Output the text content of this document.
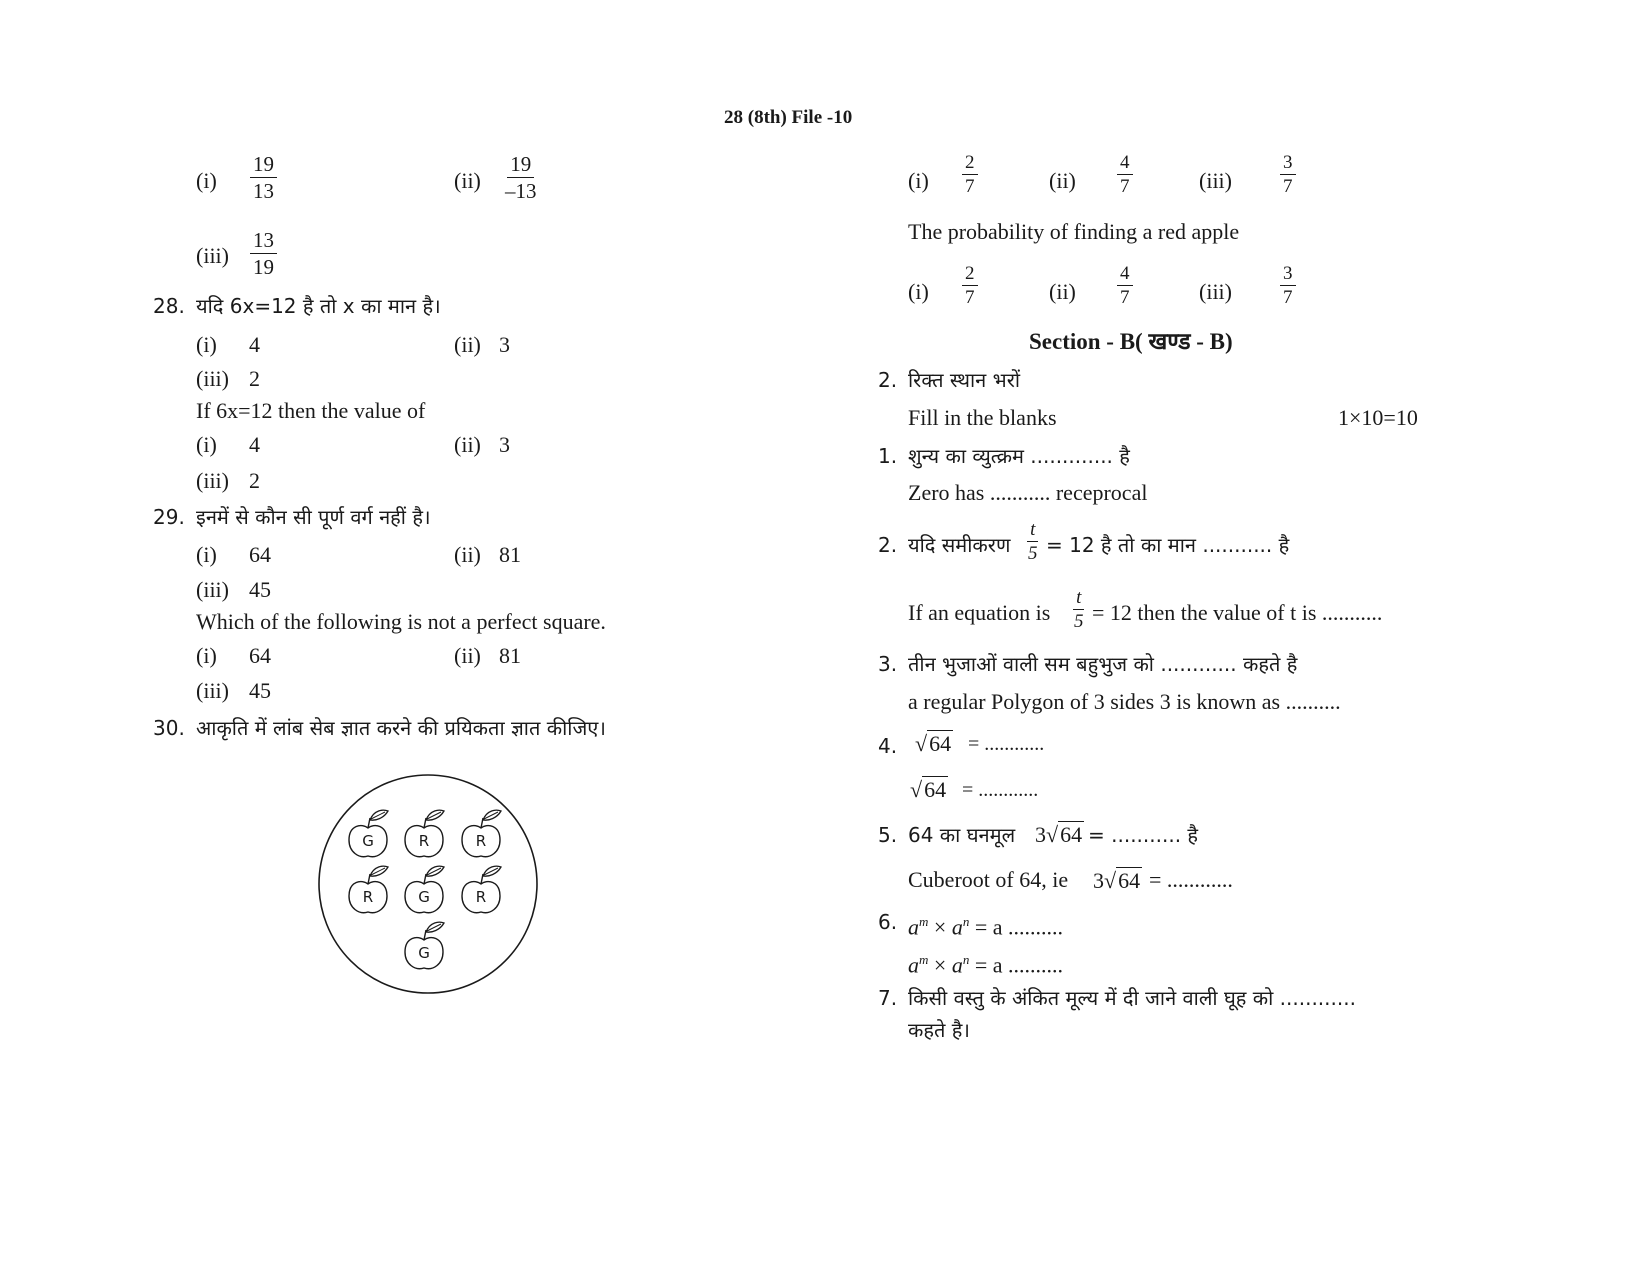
28 (8th) File -10
$(i) \frac{19}{13}$	$(ii) \frac{19}{-13}$
$(iii) \frac{13}{19}$
28. यदि 6x=12 है तो x का मान है।
(i) 4	(ii) 3
(iii) 2
If 6x=12 then the value of
(i) 4	(ii) 3
(iii) 2
29. इनमें से कौन सी पूर्ण वर्ग नहीं है।
(i) 64	(ii) 81
(iii) 45
Which of the following is not a perfect square.
(i) 64	(ii) 81
(iii) 45
30. आकृति में लांब सेब ज्ञात करने की प्रयिकता ज्ञात कीजिए।
G	R	R
R	G	R
G
$(i) \frac{2}{7}$	$(ii) \frac{4}{7}$	(iii)	$\frac{3}{7}$
The probability of finding a red apple
$(i) \frac{2}{7}$	$(ii) \frac{4}{7}$	(iii)	$\frac{3}{7}$
Section - B( खण्ड - B)
2. रिक्त स्थान भरों
Fill in the blanks	1×10=10
1. शुन्य का व्युत्क्रम ............. है
Zero has ........... receprocal
2. यदि समीकरण $\frac{t}{5} = 12$ है तो का मान ........... है
If an equation is $\frac{t}{5} = 12$ then the value of t is ...........
3. तीन भुजाओं वाली सम बहुभुज को ............ कहते है
a regular Polygon of 3 sides 3 is known as ..........
4. √64 = ............
√64 = ............
5. 64 का घनमूल 3√64 = ........... है
Cuberoot of 64, ie 3√64 = ............
6. $a^m \times a^n = a$ ..........
$a^m \times a^n = a$ ..........
7. किसी वस्तु के अंकित मूल्य में दी जाने वाली घूह को ............
कहते है।
